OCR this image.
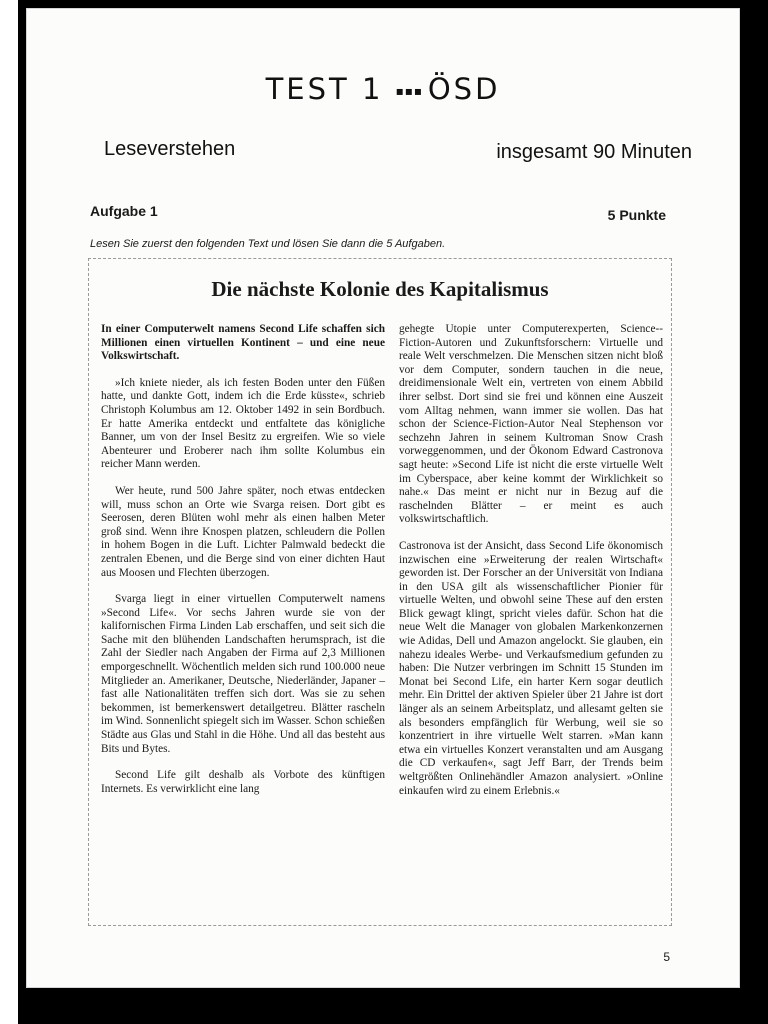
TEST 1 ▪▪▪ ÖSD
Leseverstehen	insgesamt 90 Minuten
Aufgabe 1	5 Punkte
Lesen Sie zuerst den folgenden Text und lösen Sie dann die 5 Aufgaben.
Die nächste Kolonie des Kapitalismus

In einer Computerwelt namens Second Life schaffen sich Millionen einen virtuellen Kontinent – und eine neue Volkswirtschaft.

»Ich kniete nieder, als ich festen Boden unter den Füßen hatte, und dankte Gott, indem ich die Erde küsste«, schrieb Christoph Kolumbus am 12. Oktober 1492 in sein Bordbuch. Er hatte Amerika entdeckt und entfaltete das königliche Banner, um von der Insel Besitz zu ergreifen. Wie so viele Abenteurer und Eroberer nach ihm sollte Kolumbus ein reicher Mann werden.

Wer heute, rund 500 Jahre später, noch etwas entdecken will, muss schon an Orte wie Svarga reisen. Dort gibt es Seerosen, deren Blüten wohl mehr als einen halben Meter groß sind. Wenn ihre Knospen platzen, schleudern die Pollen in hohem Bogen in die Luft. Lichter Palmwald bedeckt die zentralen Ebenen, und die Berge sind von einer dichten Haut aus Moosen und Flechten überzogen.

Svarga liegt in einer virtuellen Computerwelt namens »Second Life«. Vor sechs Jahren wurde sie von der kalifornischen Firma Linden Lab erschaffen, und seit sich die Sache mit den blühenden Landschaften herumsprach, ist die Zahl der Siedler nach Angaben der Firma auf 2,3 Millionen emporgeschnellt. Wöchentlich melden sich rund 100.000 neue Mitglieder an. Amerikaner, Deutsche, Niederländer, Japaner – fast alle Nationalitäten treffen sich dort. Was sie zu sehen bekommen, ist bemerkenswert detailgetreu. Blätter rascheln im Wind. Sonnenlicht spiegelt sich im Wasser. Schon schießen Städte aus Glas und Stahl in die Höhe. Und all das besteht aus Bits und Bytes.

Second Life gilt deshalb als Vorbote des künftigen Internets. Es verwirklicht eine lang

gehegte Utopie unter Computerexperten, Science--Fiction-Autoren und Zukunftsforschern: Virtuelle und reale Welt verschmelzen. Die Menschen sitzen nicht bloß vor dem Computer, sondern tauchen in die neue, dreidimensionale Welt ein, vertreten von einem Abbild ihrer selbst. Dort sind sie frei und können eine Auszeit vom Alltag nehmen, wann immer sie wollen. Das hat schon der Science-Fiction-Autor Neal Stephenson vor sechzehn Jahren in seinem Kultroman Snow Crash vorweggenommen, und der Ökonom Edward Castronova sagt heute: »Second Life ist nicht die erste virtuelle Welt im Cyberspace, aber keine kommt der Wirklichkeit so nahe.« Das meint er nicht nur in Bezug auf die raschelnden Blätter – er meint es auch volkswirtschaftlich.

Castronova ist der Ansicht, dass Second Life ökonomisch inzwischen eine »Erweiterung der realen Wirtschaft« geworden ist. Der Forscher an der Universität von Indiana in den USA gilt als wissenschaftlicher Pionier für virtuelle Welten, und obwohl seine These auf den ersten Blick gewagt klingt, spricht vieles dafür. Schon hat die neue Welt die Manager von globalen Markenkonzernen wie Adidas, Dell und Amazon angelockt. Sie glauben, ein nahezu ideales Werbe- und Verkaufsmedium gefunden zu haben: Die Nutzer verbringen im Schnitt 15 Stunden im Monat bei Second Life, ein harter Kern sogar deutlich mehr. Ein Drittel der aktiven Spieler über 21 Jahre ist dort länger als an seinem Arbeitsplatz, und allesamt gelten sie als besonders empfänglich für Werbung, weil sie so konzentriert in ihre virtuelle Welt starren. »Man kann etwa ein virtuelles Konzert veranstalten und am Ausgang die CD verkaufen«, sagt Jeff Barr, der Trends beim weltgrößten Onlinehändler Amazon analysiert. »Online einkaufen wird zu einem Erlebnis.«

5
